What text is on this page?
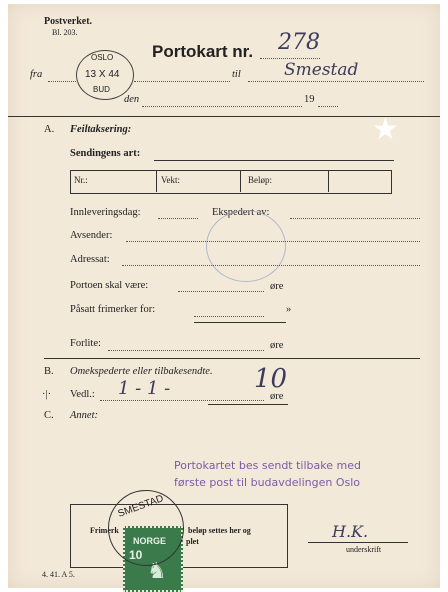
Postverket.
Bl. 203.
Portokart nr. 278
OSLO
13 X 44
BUD
fra	til	Smestad
den	19
A. Feiltaksering:	★
Sendingens art:
Nr.:	Vekt:	Beløp:
Innleveringsdag:	Ekspedert av:
Avsender:
Adressat:
Portoen skal være:	øre
Påsatt frimerker for:	»
Forlite:	øre
B. Omekspederte eller tilbakesendte.
·|· Vedl.: 1 - 1 -	10
øre
C. Annet:
Portokartet bes sendt tilbake med
første post til budavdelingen Oslo
Frimerk	beløp settes her og
plet
NORGE
10
♞
SMESTAD
H.K.
underskrift
4. 41. A 5.
